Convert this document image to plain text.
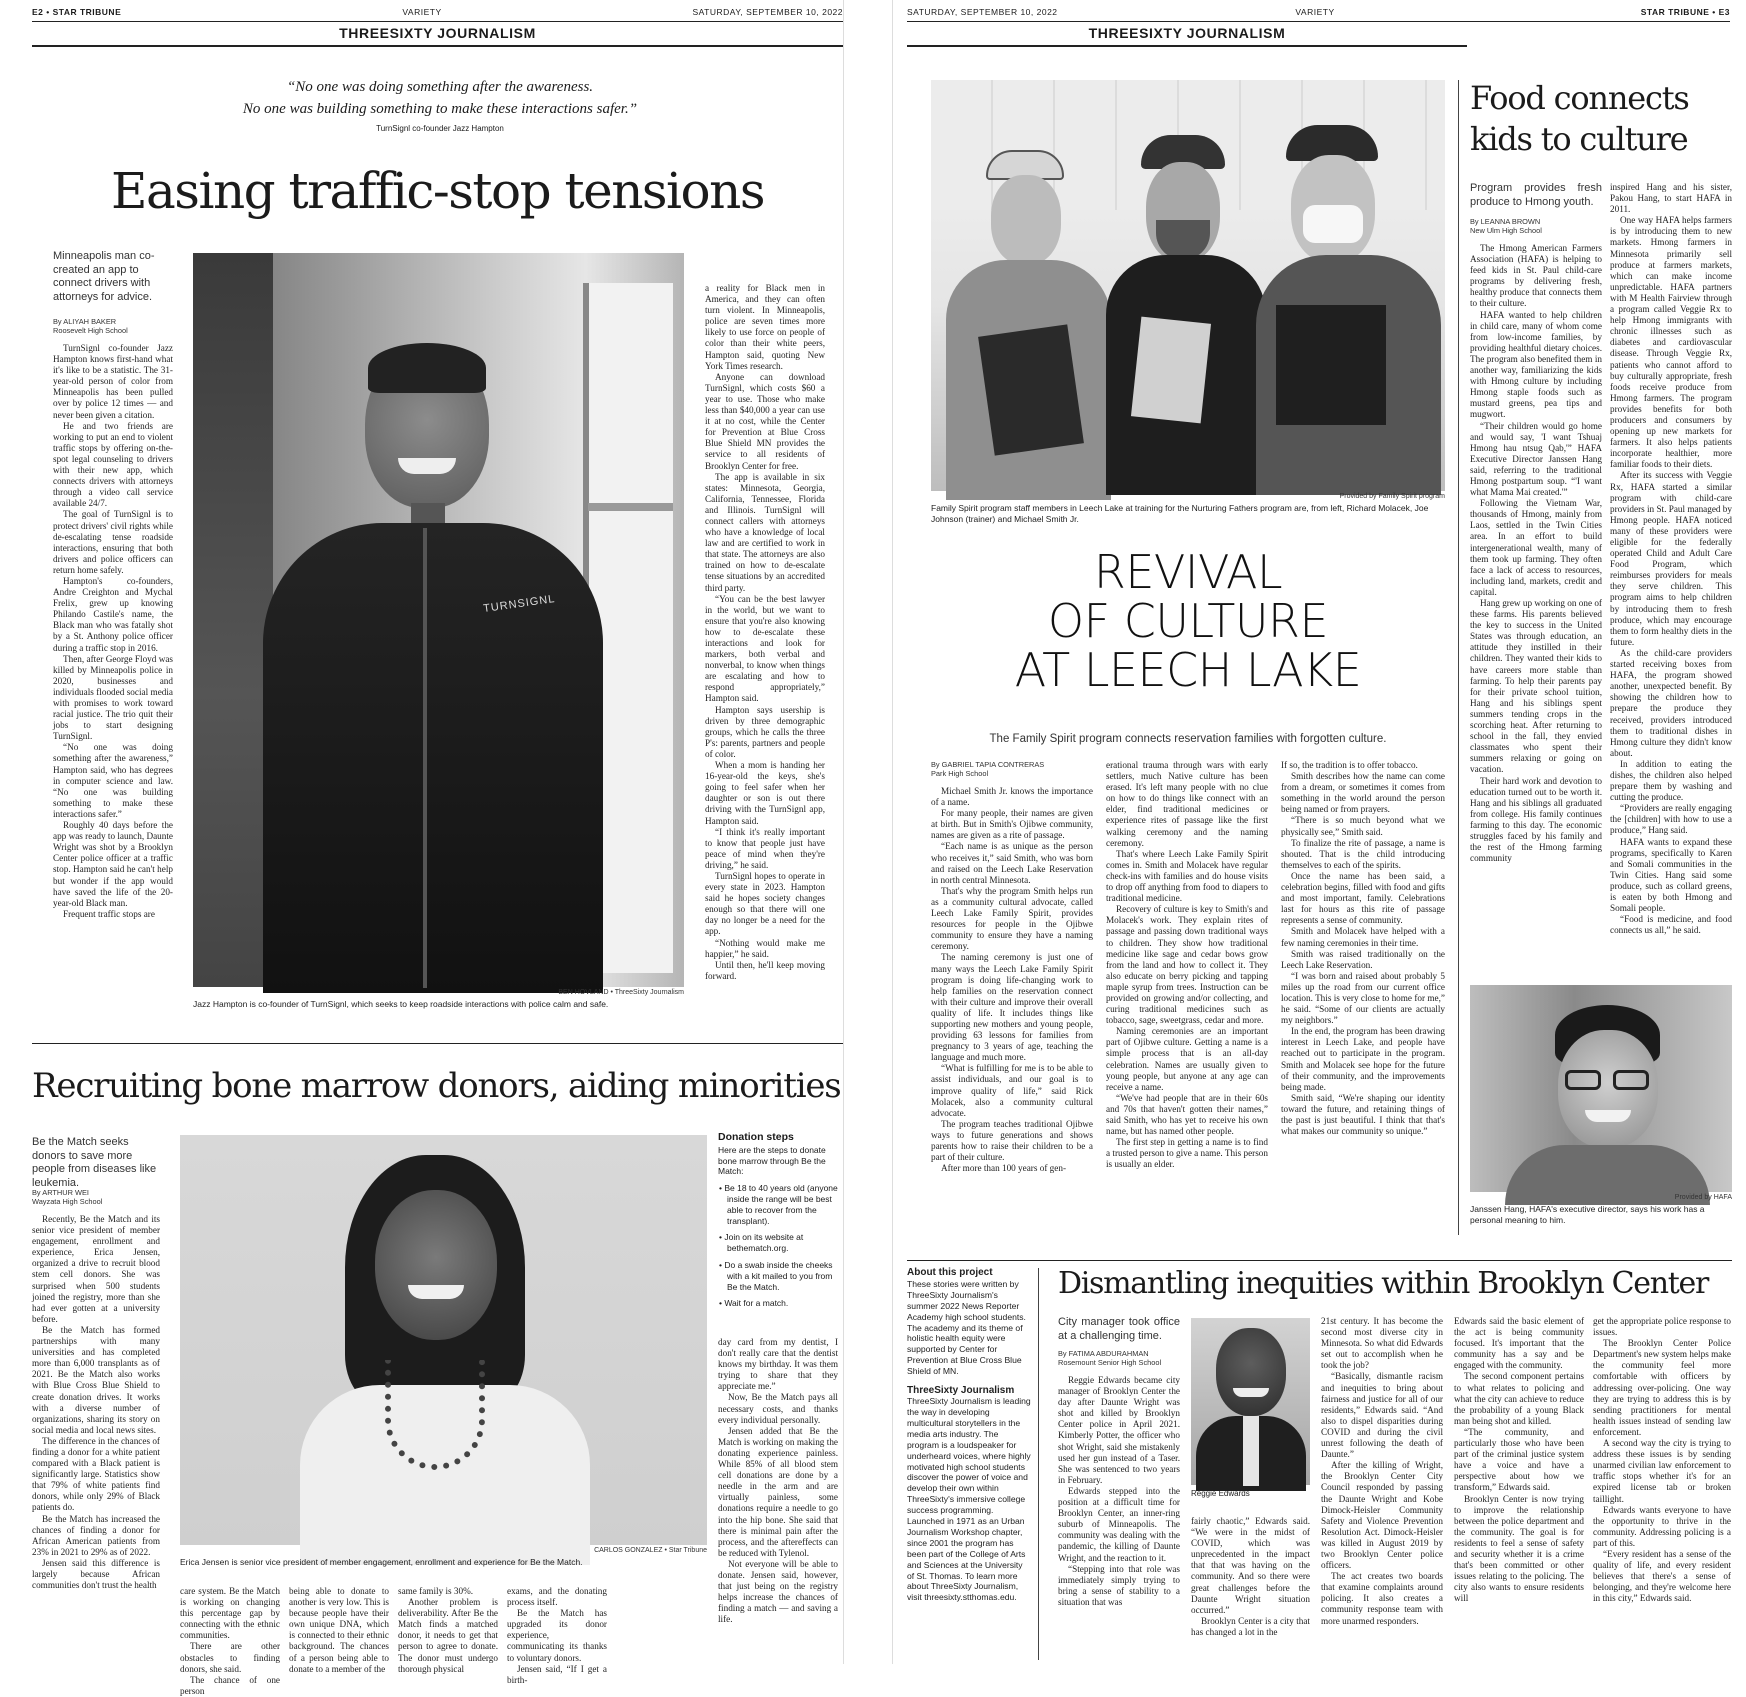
E2 • STAR TRIBUNE	VARIETY	SATURDAY, SEPTEMBER 10, 2022
THREESIXTY JOURNALISM
“No one was doing something after the awareness.
No one was building something to make these interactions safer.”
TurnSignl co-founder Jazz Hampton
Easing traffic-stop tensions
Minneapolis man co-created an app to connect drivers with attorneys for advice.
By ALIYAH BAKER
Roosevelt High School

TurnSignl co-founder Jazz Hampton knows first-hand what it's like to be a statistic. The 31-year-old person of color from Minneapolis has been pulled over by police 12 times — and never been given a citation.

He and two friends are working to put an end to violent traffic stops by offering on-the-spot legal counseling to drivers with their new app, which connects drivers with attorneys through a video call service available 24/7.

The goal of TurnSignl is to protect drivers' civil rights while de-escalating tense roadside interactions, ensuring that both drivers and police officers can return home safely.

Hampton's co-founders, Andre Creighton and Mychal Frelix, grew up knowing Philando Castile's name, the Black man who was fatally shot by a St. Anthony police officer during a traffic stop in 2016.

Then, after George Floyd was killed by Minneapolis police in 2020, businesses and individuals flooded social media with promises to work toward racial justice. The trio quit their jobs to start designing TurnSignl.

“No one was doing something after the awareness,” Hampton said, who has degrees in computer science and law. “No one was building something to make these interactions safer.”

Roughly 40 days before the app was ready to launch, Daunte Wright was shot by a Brooklyn Center police officer at a traffic stop. Hampton said he can't help but wonder if the app would have saved the life of the 20-year-old Black man.

Frequent traffic stops are

TURNSIGNL
BEN HOVLAND • ThreeSixty Journalism
Jazz Hampton is co-founder of TurnSignl, which seeks to keep roadside interactions with police calm and safe.

a reality for Black men in America, and they can often turn violent. In Minneapolis, police are seven times more likely to use force on people of color than their white peers, Hampton said, quoting New York Times research.

Anyone can download TurnSignl, which costs $60 a year to use. Those who make less than $40,000 a year can use it at no cost, while the Center for Prevention at Blue Cross Blue Shield MN provides the service to all residents of Brooklyn Center for free.

The app is available in six states: Minnesota, Georgia, California, Tennessee, Florida and Illinois. TurnSignl will connect callers with attorneys who have a knowledge of local law and are certified to work in that state. The attorneys are also trained on how to de-escalate tense situations by an accredited third party.

“You can be the best lawyer in the world, but we want to ensure that you're also knowing how to de-escalate these interactions and look for markers, both verbal and nonverbal, to know when things are escalating and how to respond appropriately,” Hampton said.

Hampton says usership is driven by three demographic groups, which he calls the three P's: parents, partners and people of color.

When a mom is handing her 16-year-old the keys, she's going to feel safer when her daughter or son is out there driving with the TurnSignl app, Hampton said.

“I think it's really important to know that people just have peace of mind when they're driving,” he said.

TurnSignl hopes to operate in every state in 2023. Hampton said he hopes society changes enough so that there will one day no longer be a need for the app.

“Nothing would make me happier,” he said.

Until then, he'll keep moving forward.

Recruiting bone marrow donors, aiding minorities
Be the Match seeks donors to save more people from diseases like leukemia.
By ARTHUR WEI
Wayzata High School

Recently, Be the Match and its senior vice president of member engagement, enrollment and experience, Erica Jensen, organized a drive to recruit blood stem cell donors. She was surprised when 500 students joined the registry, more than she had ever gotten at a university before.

Be the Match has formed partnerships with many universities and has completed more than 6,000 transplants as of 2021. Be the Match also works with Blue Cross Blue Shield to create donation drives. It works with a diverse number of organizations, sharing its story on social media and local news sites.

The difference in the chances of finding a donor for a white patient compared with a Black patient is significantly large. Statistics show that 79% of white patients find donors, while only 29% of Black patients do.

Be the Match has increased the chances of finding a donor for African American patients from 23% in 2021 to 29% as of 2022.

Jensen said this difference is largely because African communities don't trust the health

CARLOS GONZALEZ • Star Tribune
Erica Jensen is senior vice president of member engagement, enrollment and experience for Be the Match.
Donation steps
Here are the steps to donate bone marrow through Be the Match:
• Be 18 to 40 years old (anyone inside the range will be best able to recover from the transplant).
• Join on its website at bethematch.org.
• Do a swab inside the cheeks with a kit mailed to you from Be the Match.
• Wait for a match.

day card from my dentist, I don't really care that the dentist knows my birthday. It was them trying to share that they appreciate me.”

Now, Be the Match pays all necessary costs, and thanks every individual personally.

Jensen added that Be the Match is working on making the donating experience painless. While 85% of all blood stem cell donations are done by a needle in the arm and are virtually painless, some donations require a needle to go into the hip bone. She said that there is minimal pain after the process, and the aftereffects can be reduced with Tylenol.

Not everyone will be able to donate. Jensen said, however, that just being on the registry helps increase the chances of finding a match — and saving a life.

care system. Be the Match is working on changing this percentage gap by connecting with the ethnic communities.

There are other obstacles to finding donors, she said.

The chance of one person

being able to donate to another is very low. This is because people have their own unique DNA, which is connected to their ethnic background. The chances of a person being able to donate to a member of the

same family is 30%.

Another problem is deliverability. After Be the Match finds a matched donor, it needs to get that person to agree to donate. The donor must undergo thorough physical

exams, and the donating process itself.

Be the Match has upgraded its donor experience, communicating its thanks to voluntary donors.

Jensen said, “If I get a birth-

SATURDAY, SEPTEMBER 10, 2022	VARIETY	STAR TRIBUNE • E3
THREESIXTY JOURNALISM
Provided by Family Spirit program
Family Spirit program staff members in Leech Lake at training for the Nurturing Fathers program are, from left, Richard Molacek, Joe Johnson (trainer) and Michael Smith Jr.
REVIVAL
OF CULTURE
AT LEECH LAKE
The Family Spirit program connects reservation families with forgotten culture.
By GABRIEL TAPIA CONTRERAS
Park High School

Michael Smith Jr. knows the importance of a name.

For many people, their names are given at birth. But in Smith's Ojibwe community, names are given as a rite of passage.

“Each name is as unique as the person who receives it,” said Smith, who was born and raised on the Leech Lake Reservation in north central Minnesota.

That's why the program Smith helps run as a community cultural advocate, called Leech Lake Family Spirit, provides resources for people in the Ojibwe community to ensure they have a naming ceremony.

The naming ceremony is just one of many ways the Leech Lake Family Spirit program is doing life-changing work to help families on the reservation connect with their culture and improve their overall quality of life. It includes things like supporting new mothers and young people, providing 63 lessons for families from pregnancy to 3 years of age, teaching the language and much more.

“What is fulfilling for me is to be able to assist individuals, and our goal is to improve quality of life,” said Rick Molacek, also a community cultural advocate.

The program teaches traditional Ojibwe ways to future generations and shows parents how to raise their children to be a part of their culture.

After more than 100 years of gen-

erational trauma through wars with early settlers, much Native culture has been erased. It's left many people with no clue on how to do things like connect with an elder, find traditional medicines or experience rites of passage like the first walking ceremony and the naming ceremony.

That's where Leech Lake Family Spirit comes in. Smith and Molacek have regular check-ins with families and do house visits to drop off anything from food to diapers to traditional medicine.

Recovery of culture is key to Smith's and Molacek's work. They explain rites of passage and passing down traditional ways to children. They show how traditional medicine like sage and cedar bows grow from the land and how to collect it. They also educate on berry picking and tapping maple syrup from trees. Instruction can be provided on growing and/or collecting, and curing traditional medicines such as tobacco, sage, sweetgrass, cedar and more.

Naming ceremonies are an important part of Ojibwe culture. Getting a name is a simple process that is an all-day celebration. Names are usually given to young people, but anyone at any age can receive a name.

“We've had people that are in their 60s and 70s that haven't gotten their names,” said Smith, who has yet to receive his own name, but has named other people.

The first step in getting a name is to find a trusted person to give a name. This person is usually an elder.

If so, the tradition is to offer tobacco.

Smith describes how the name can come from a dream, or sometimes it comes from something in the world around the person being named or from prayers.

“There is so much beyond what we physically see,” Smith said.

To finalize the rite of passage, a name is shouted. That is the child introducing themselves to each of the spirits.

Once the name has been said, a celebration begins, filled with food and gifts and most important, family. Celebrations last for hours as this rite of passage represents a sense of community.

Smith and Molacek have helped with a few naming ceremonies in their time.

Smith was raised traditionally on the Leech Lake Reservation.

“I was born and raised about probably 5 miles up the road from our current office location. This is very close to home for me,” he said. “Some of our clients are actually my neighbors.”

In the end, the program has been drawing interest in Leech Lake, and people have reached out to participate in the program. Smith and Molacek see hope for the future of their community, and the improvements being made.

Smith said, “We're shaping our identity toward the future, and retaining things of the past is just beautiful. I think that that's what makes our community so unique.”

Food connects
kids to culture
Program provides fresh produce to Hmong youth.
By LEANNA BROWN
New Ulm High School

The Hmong American Farmers Association (HAFA) is helping to feed kids in St. Paul child-care programs by delivering fresh, healthy produce that connects them to their culture.

HAFA wanted to help children in child care, many of whom come from low-income families, by providing healthful dietary choices. The program also benefited them in another way, familiarizing the kids with Hmong culture by including Hmong staple foods such as mustard greens, pea tips and mugwort.

“Their children would go home and would say, 'I want Tshuaj Hmong hau ntsug Qab,'” HAFA Executive Director Janssen Hang said, referring to the traditional Hmong postpartum soup. “'I want what Mama Mai created.'”

Following the Vietnam War, thousands of Hmong, mainly from Laos, settled in the Twin Cities area. In an effort to build intergenerational wealth, many of them took up farming. They often face a lack of access to resources, including land, markets, credit and capital.

Hang grew up working on one of these farms. His parents believed the key to success in the United States was through education, an attitude they instilled in their children. They wanted their kids to have careers more stable than farming. To help their parents pay for their private school tuition, Hang and his siblings spent summers tending crops in the scorching heat. After returning to school in the fall, they envied classmates who spent their summers relaxing or going on vacation.

Their hard work and devotion to education turned out to be worth it. Hang and his siblings all graduated from college. His family continues farming to this day. The economic struggles faced by his family and the rest of the Hmong farming community

inspired Hang and his sister, Pakou Hang, to start HAFA in 2011.

One way HAFA helps farmers is by introducing them to new markets. Hmong farmers in Minnesota primarily sell produce at farmers markets, which can make income unpredictable. HAFA partners with M Health Fairview through a program called Veggie Rx to help Hmong immigrants with chronic illnesses such as diabetes and cardiovascular disease. Through Veggie Rx, patients who cannot afford to buy culturally appropriate, fresh foods receive produce from Hmong farmers. The program provides benefits for both producers and consumers by opening up new markets for farmers. It also helps patients incorporate healthier, more familiar foods to their diets.

After its success with Veggie Rx, HAFA started a similar program with child-care providers in St. Paul managed by Hmong people. HAFA noticed many of these providers were eligible for the federally operated Child and Adult Care Food Program, which reimburses providers for meals they serve children. This program aims to help children by introducing them to fresh produce, which may encourage them to form healthy diets in the future.

As the child-care providers started receiving boxes from HAFA, the program showed another, unexpected benefit. By showing the children how to prepare the produce they received, providers introduced them to traditional dishes in Hmong culture they didn't know about.

In addition to eating the dishes, the children also helped prepare them by washing and cutting the produce.

“Providers are really engaging the [children] with how to use a produce,” Hang said.

HAFA wants to expand these programs, specifically to Karen and Somali communities in the Twin Cities. Hang said some produce, such as collard greens, is eaten by both Hmong and Somali people.

“Food is medicine, and food connects us all,” he said.

Provided by HAFA
Janssen Hang, HAFA's executive director, says his work has a personal meaning to him.
About this project
These stories were written by ThreeSixty Journalism's summer 2022 News Reporter Academy high school students. The academy and its theme of holistic health equity were supported by Center for Prevention at Blue Cross Blue Shield of MN.
ThreeSixty Journalism
ThreeSixty Journalism is leading the way in developing multicultural storytellers in the media arts industry. The program is a loudspeaker for underheard voices, where highly motivated high school students discover the power of voice and develop their own within ThreeSixty's immersive college success programming. Launched in 1971 as an Urban Journalism Workshop chapter, since 2001 the program has been part of the College of Arts and Sciences at the University of St. Thomas. To learn more about ThreeSixty Journalism, visit threesixty.stthomas.edu.
Dismantling inequities within Brooklyn Center
City manager took office at a challenging time.
By FATIMA ABDURAHMAN
Rosemount Senior High School

Reggie Edwards became city manager of Brooklyn Center the day after Daunte Wright was shot and killed by Brooklyn Center police in April 2021. Kimberly Potter, the officer who shot Wright, said she mistakenly used her gun instead of a Taser. She was sentenced to two years in February.

Edwards stepped into the position at a difficult time for Brooklyn Center, an inner-ring suburb of Minneapolis. The community was dealing with the pandemic, the killing of Daunte Wright, and the reaction to it.

“Stepping into that role was immediately simply trying to bring a sense of stability to a situation that was

Reggie Edwards

fairly chaotic,” Edwards said. “We were in the midst of COVID, which was unprecedented in the impact that that was having on the community. And so there were great challenges before the Daunte Wright situation occurred.”

Brooklyn Center is a city that has changed a lot in the

21st century. It has become the second most diverse city in Minnesota. So what did Edwards set out to accomplish when he took the job?

“Basically, dismantle racism and inequities to bring about fairness and justice for all of our residents,” Edwards said. “And also to dispel disparities during COVID and during the civil unrest following the death of Daunte.”

After the killing of Wright, the Brooklyn Center City Council responded by passing the Daunte Wright and Kobe Dimock-Heisler Community Safety and Violence Prevention Resolution Act. Dimock-Heisler was killed in August 2019 by two Brooklyn Center police officers.

The act creates two boards that examine complaints around policing. It also creates a community response team with more unarmed responders.

Edwards said the basic element of the act is being community focused. It's important that the community has a say and be engaged with the community.

The second component pertains to what relates to policing and what the city can achieve to reduce the probability of a young Black man being shot and killed.

“The community, and particularly those who have been part of the criminal justice system have a voice and have a perspective about how we transform,” Edwards said.

Brooklyn Center is now trying to improve the relationship between the police department and the community. The goal is for residents to feel a sense of safety and security whether it is a crime that's been committed or other issues relating to the policing. The city also wants to ensure residents will

get the appropriate police response to issues.

The Brooklyn Center Police Department's new system helps make the community feel more comfortable with officers by addressing over-policing. One way they are trying to address this is by sending practitioners for mental health issues instead of sending law enforcement.

A second way the city is trying to address these issues is by sending unarmed civilian law enforcement to traffic stops whether it's for an expired license tab or broken taillight.

Edwards wants everyone to have the opportunity to thrive in the community. Addressing policing is a part of this.

“Every resident has a sense of the quality of life, and every resident believes that there's a sense of belonging, and they're welcome here in this city,” Edwards said.
